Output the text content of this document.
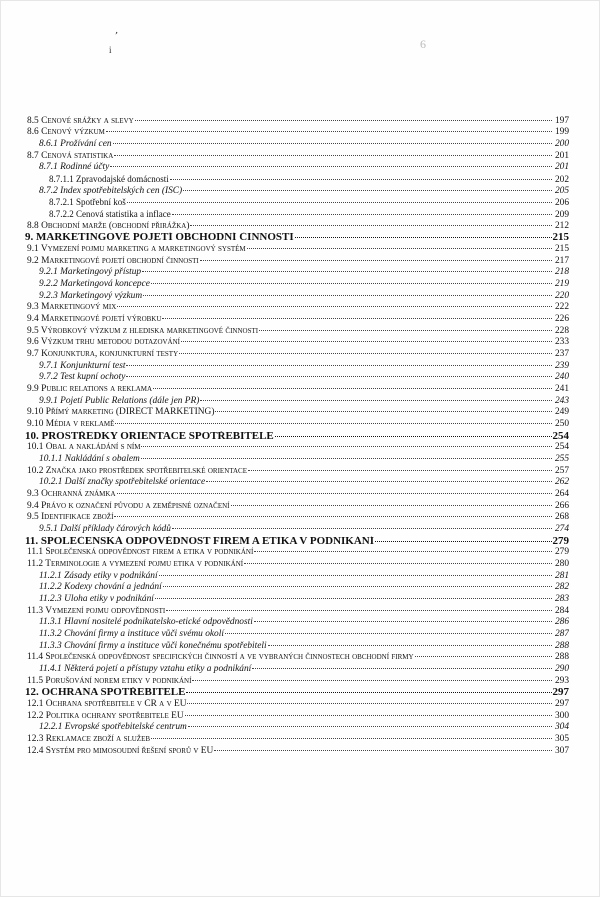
,
i	6
8.5 Cenové srážky a slevy	197
8.6 Cenový výzkum	199
8.6.1 Prožívání cen	200
8.7 Cenová statistika	201
8.7.1 Rodinné účty	201
8.7.1.1 Zpravodajské domácnosti	202
8.7.2 Index spotřebitelských cen (ISC)	205
8.7.2.1 Spotřební koš	206
8.7.2.2 Cenová statistika a inflace	209
8.8 Obchodní marže (obchodní přirážka)	212
9. MARKETINGOVÉ POJETÍ OBCHODNÍ ČINNOSTI	215
9.1 Vymezení pojmu marketing a marketingový systém	215
9.2 Marketingové pojetí obchodní činnosti	217
9.2.1 Marketingový přístup	218
9.2.2 Marketingová koncepce	219
9.2.3 Marketingový výzkum	220
9.3 Marketingový mix	222
9.4 Marketingové pojetí výrobku	226
9.5 Výrobkový výzkum z hlediska marketingové činnosti	228
9.6 Výzkum trhu metodou dotazování	233
9.7 Konjunktura, konjunkturní testy	237
9.7.1 Konjunkturní test	239
9.7.2 Test kupní ochoty	240
9.9 Public relations a reklama	241
9.9.1 Pojetí Public Relations (dále jen PR)	243
9.10 Přímý marketing (DIRECT MARKETING)	249
9.10 Média v reklamě	250
10. PROSTŘEDKY ORIENTACE SPOTŘEBITELE	254
10.1 Obal a nakládání s ním	254
10.1.1 Nakládání s obalem	255
10.2 Značka jako prostředek spotřebitelské orientace	257
10.2.1 Další značky spotřebitelské orientace	262
9.3 Ochranná známka	264
9.4 Právo k označení původu a zeměpisné označení	266
9.5 Identifikace zboží	268
9.5.1 Další příklady čárových kódů	274
11. SPOLEČENSKÁ ODPOVĚDNOST FIREM A ETIKA V PODNIKÁNÍ	279
11.1 Společenská odpovědnost firem a etika v podnikání	279
11.2 Terminologie a vymezení pojmu etika v podnikání	280
11.2.1 Zásady etiky v podnikání	281
11.2.2 Kodexy chování a jednání	282
11.2.3 Úloha etiky v podnikání	283
11.3 Vymezení pojmu odpovědnosti	284
11.3.1 Hlavní nositelé podnikatelsko-etické odpovědnosti	286
11.3.2 Chování firmy a instituce vůči svému okolí	287
11.3.3 Chování firmy a instituce vůči konečnému spotřebiteli	288
11.4 Společenská odpovědnost specifických činností a ve vybraných činnostech obchodní firmy	288
11.4.1 Některá pojetí a přístupy vztahu etiky a podnikání	290
11.5 Porušování norem etiky v podnikání	293
12. OCHRANA SPOTŘEBITELE	297
12.1 Ochrana spotřebitele v ČR a v EU	297
12.2 Politika ochrany spotřebitele EU	300
12.2.1 Evropské spotřebitelské centrum	304
12.3 Reklamace zboží a služeb	305
12.4 Systém pro mimosoudní řešení sporů v EU	307
